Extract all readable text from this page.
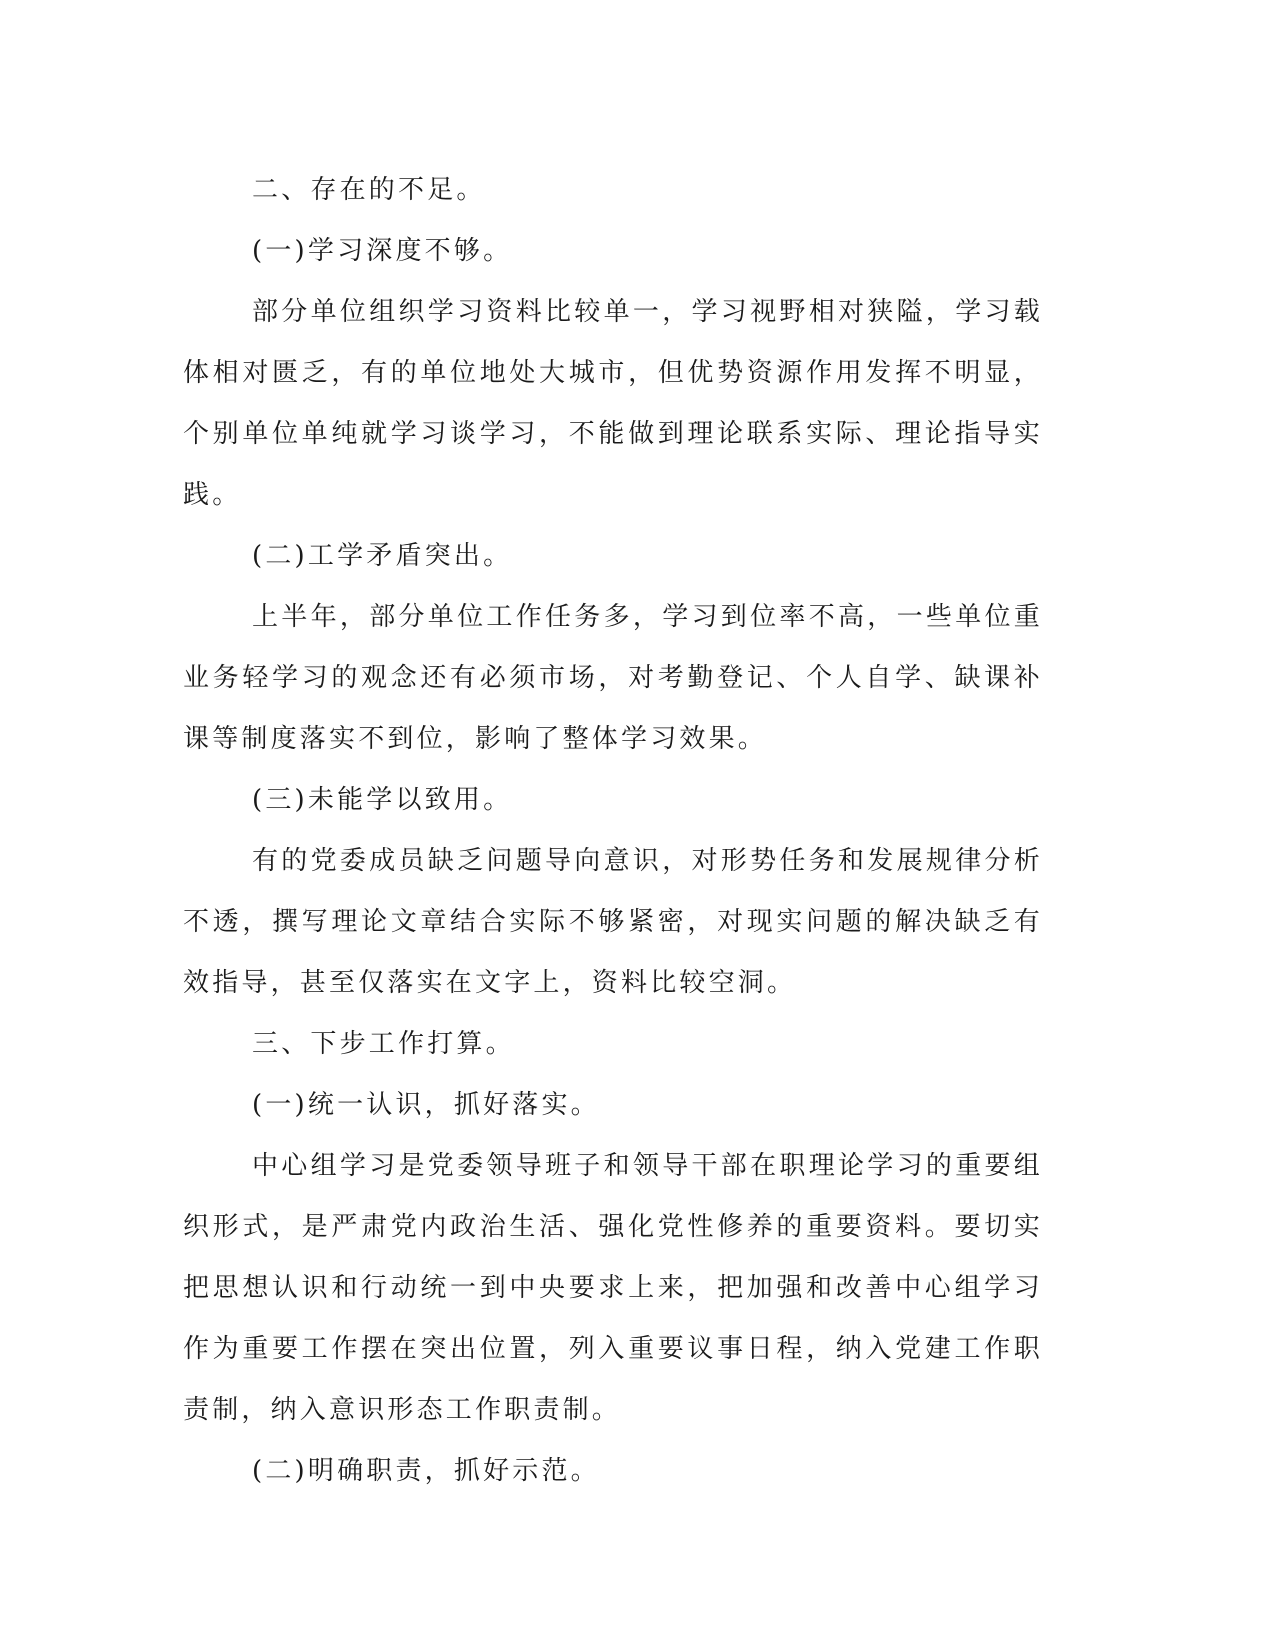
二、存在的不足。

(一)学习深度不够。

部分单位组织学习资料比较单一，学习视野相对狭隘，学习载体相对匮乏，有的单位地处大城市，但优势资源作用发挥不明显，个别单位单纯就学习谈学习，不能做到理论联系实际、理论指导实践。

(二)工学矛盾突出。

上半年，部分单位工作任务多，学习到位率不高，一些单位重业务轻学习的观念还有必须市场，对考勤登记、个人自学、缺课补课等制度落实不到位，影响了整体学习效果。

(三)未能学以致用。

有的党委成员缺乏问题导向意识，对形势任务和发展规律分析不透，撰写理论文章结合实际不够紧密，对现实问题的解决缺乏有效指导，甚至仅落实在文字上，资料比较空洞。

三、下步工作打算。

(一)统一认识，抓好落实。

中心组学习是党委领导班子和领导干部在职理论学习的重要组织形式，是严肃党内政治生活、强化党性修养的重要资料。要切实把思想认识和行动统一到中央要求上来，把加强和改善中心组学习作为重要工作摆在突出位置，列入重要议事日程，纳入党建工作职责制，纳入意识形态工作职责制。

(二)明确职责，抓好示范。
